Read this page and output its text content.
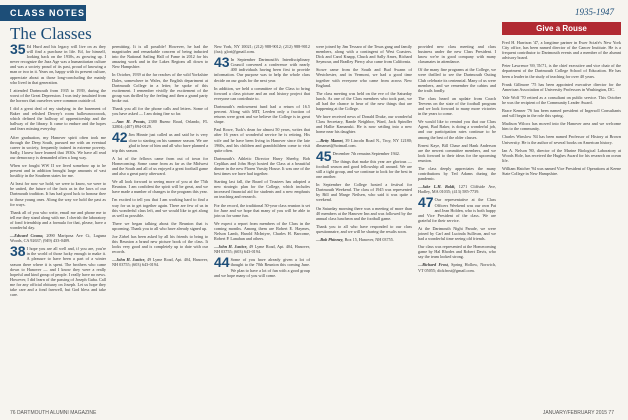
CLASS NOTES	1935-1947
The Classes	Give a Rouse

35 Ed Hurd and his legacy will live on as they will find a purchase in life. Ed, for himself, looking back on the 1930s, as growing up. I never recognize the Jazz Age was a humanitarian culture and was a society proud of its past, proud of knowing a man or two in it. Years on, happy with its present culture, appreciate about as those long-concluding the mainly who lived in that generation.

I attended Dartmouth from 1935 to 1939, during the worst of the Great Depression. I was truly insulated from the horrors that ourselves were common outside of.

I did a great deal of my studying in the basement of Baker and relished Dewey's room hallownooooook, which defined the hallway of apprenticeship and the hallway of the library. It came to endure and the hopes and fears missing everyday.

After graduation, my Hanover spirit often took me through the Deep South, pursued me with an eventual career in society, frequently trained in extreme poverty. Sadly, I knew have learned that 1930s. We have all read our democracy is demanded often a long way.

When we fought WW II we lived somehow up to he present and in addition brought large amounts of vast hostility in the Southern states for me.

At least for now we hold; we were to know, we were to be united, the future of the facts as in the laws of our Dartmouth tradition. It has had good luck to honour thee to those young ones. Along the way we hold the past as for ways.

Thank all of you who write, email me and phone me to tell me they stand along with me. I cherish the laboratory of fond friendship and a formula for that, please, have a wonderful day.

—Edward Cosma, 2090 Mariposa Ave Ct, Laguna Woods, CA 92637; (949) 433-0409.

38 I hope you are all well and, if you are, you're in the world of those lucky enough to make it. A pleasure to have been a part of a winter season there where it is spent. The brothers who came down to Hanover — and I know they were a really hopeful and kind group of people. I really have no news. However, I did learn of the passing of Joseph Guba. Call me for any official obituary on Joseph. Let us hope they take care and a fond farewell, but God bless and take care.

permitting. It is all possible! However, he had the magnitudes and remarkable concern of being inducted into the National Sailing Hall of Fame in 2012 for his amazing work and in the Lakes Regions all down to New Hampshire.

In October, 1939 at the far reaches of the wild Yorkshire Dales, somewhere in Wales, the English department at Dartmouth College in a letter, he spoke of this excitement. I remember vividly the excitement of the group was thrilled by the feeling and then a grand party broke out.

Thank you all for the phone calls and letters. Some of you have asked — I am doing fine so far.

—Ann H. Prouts, 2380 Bueno Road, Orlando, FL 32804; (407) 894-0129.

42 Jim Hinnie just called us and said he is very close to starting on his summer season. We are glad to hear of him and all who have planned a trip this season.

A lot of the fellows came from out of town for Homecoming. Some came from as far as the Midwest and the South and all of us enjoyed a great football game and also a great party afterward.

We all look forward to seeing more of you at the 75th Reunion. I am confident the spirit will be great, and we have made a number of changes to the program this year.

I'm excited to tell you that I am working hard to find a way for us to get together again. There are few of us in this wonderful class left, and we would like to get along as well as possible.

There we began talking about the Reunion that is upcoming. Thank you to all who have already signed up.

Joe Zirbel has been asked by all his friends to bring to this Reunion a brand new picture book of the class. It looks very good and is completely up to date with our records.

—John H. Justice, 49 Lyme Road, Apt. 404, Hanover, NH 03755; (603) 643-0194.

New York, NY 10021; (212) 988-9012; (212) 988-9012 (fax); glori@gmail.com.

43 In September Dartmouth's Interdisciplinary Council convened a conference with nearly 400 individuals having been first to provide information. Our purpose was to help the whole class decide on our goals for the next year.

In addition, we held a committee of the Class to bring forward a class picture and an oral history project that everyone can contribute to.

Dartmouth's endowment fund had a return of 16.5 percent. Along with MIT, Leeden only a fraction of returns were great and we believe the College is in great shape.

Paul Rowe, Tuck's dean for almost 50 years, writes that after 16 years of wonderful service he is retiring. His wife and he have been living in Hanover since the late 1960s, and his children and grandchildren come to visit quite often.

Dartmouth's Athletic Director Harry Sheehy, Bob Ceplikas and John Hoyt hosted the Class at a beautiful dinner in the new Floren Varsity House. It was one of the best times we have had together.

Starting last fall, the Board of Trustees has adopted a new strategic plan for the College, which includes increased financial aid for students and a new emphasis on teaching and research.

For the record, the traditional 50-year class reunion is set for June and we hope that many of you will be able to join us for some fun.

We expect a report from members of the Class in the coming months. Among them are Robert E. Haymes, Nelson Lamb, Harold McIntyre, Charles H. Barcome, Robert P. Lanahan and others.

—John H. Justice, 49 Lyme Road, Apt. 404, Hanover, NH 03755; (603) 643-0194.

44 Some of you have already given a lot of thought to the 70th Reunion this coming June. We plan to have a lot of fun with a good group and we hope many of you will come.

were joined by Jim Tessaro of the Texas gang and family members, along with a contingent of West Coasters. Dick and Carol Knapp, Chuck and Sally Ames, Richard Seymour, and Bradley Piercy also came from California.

Stowe came from the South and Bud Swann of Westchester, and in Vermont, we had a good time together with everyone who came from across New England.

The class meeting was held on the eve of the Saturday lunch. As one of the Class members who took part, we all had the chance to hear of the new things that are happening at the College.

We have received news of Donald Drake, our wonderful Class Secretary, Rande Neighbor, Ward, Jack Spindler and Hallie Kamanski. He is now settling into a new home near his daughter.

—Betty Mamet, 39 Lincoln Road N., Troy, NY 12180; dlmamet@hotmail.com.

45 December 7th remains September 1942.

The things that make this year are glorious — football season and good fellowship all around. We are still a tight group, and we continue to look for the best in one another.

In September the College hosted a festival for Dartmouth Weekend. The class of 1945 was represented by Bill and Marge Neilsen, who said it was quite a weekend.

On Saturday morning there was a meeting of more than 40 members at the Hanover Inn and was followed by the annual class luncheon and the football game.

Thank you to all who have responded to our class questionnaire, and we will be sharing the results soon.

—Bob Phinney, Box 15, Hanover, NH 03755.

provided new class meeting and class business under the new Class President. I know we're in good company with many classmates in attendance.

Of the many fine programs at the College, we were thrilled to see the Dartmouth Outing Club celebrate its centennial. Many of us were members, and we remember the cabins and the trails fondly.

The class heard an update from Coach Teevens on the state of the football program and we look forward to many more victories in the years to come.

We would like to remind you that our Class Agent, Bud Baker, is doing a wonderful job, and our participation rates continue to be among the best of the older classes.

Ernest Kaye, Bill Chase and Hank Anderson are the newest committee members, and we look forward to their ideas for the upcoming reunion.

The class deeply appreciates the many contributions by Ted Adams during the pandemic.

—Jake L.H. Boldt, 1271 Cliffside Ave, Hadley, MA 01035; (413) 585-7739.

47 Our representative at the Class Officers Weekend was our own Pat and Jean Holden, who is both happy and Vice President of the class. We are grateful for their service.

At the Dartmouth Night Parade, we were joined by Carl and Lucinda Sullivan, and we had a wonderful time seeing old friends.

Our class was represented at the Homecoming game by Hal Rhodes and Robert Davis, who say the team looked strong.

—Richard Frost, Spring Hollow, Norwich, VT 05055; dickfrost@gmail.com.

Fred H. Harrison '47, a longtime partner in Ewer Sciafe's New York City office, has been named director of the Cancer Institute. He is a frequent contributor to Dartmouth events and a member of the alumni advisory board.

Peter Lawrence '69, Th'71, is the chief executive and vice chair of the department of the Dartmouth College School of Education. He has been a leader in the study of teaching for over 40 years.

Frank Gillmore '75 has been appointed executive director for the American Association of University Professors in Washington, DC.

Yale Wolf '70 retired as a consultant on public service. This October he was the recipient of the Community Leader Award.

Brace Kenner '76 has been named president of Ingersoll Consultants and will begin in the role this spring.

Madison Wilcox has moved into the Hanover area and we welcome him to the community.

Charles Winslow '84 has been named Professor of History at Brown University. He is the author of several books on American history.

Ian A. Nelson '80, director of the Marine Biological Laboratory at Woods Hole, has received the Hughes Award for his research on ocean life.

William Hatcher '94 was named Vice President of Operations at Keene State College in New Hampshire.

76 DARTMOUTH ALUMNI MAGAZINE	JANUARY/FEBRUARY 2015 77
